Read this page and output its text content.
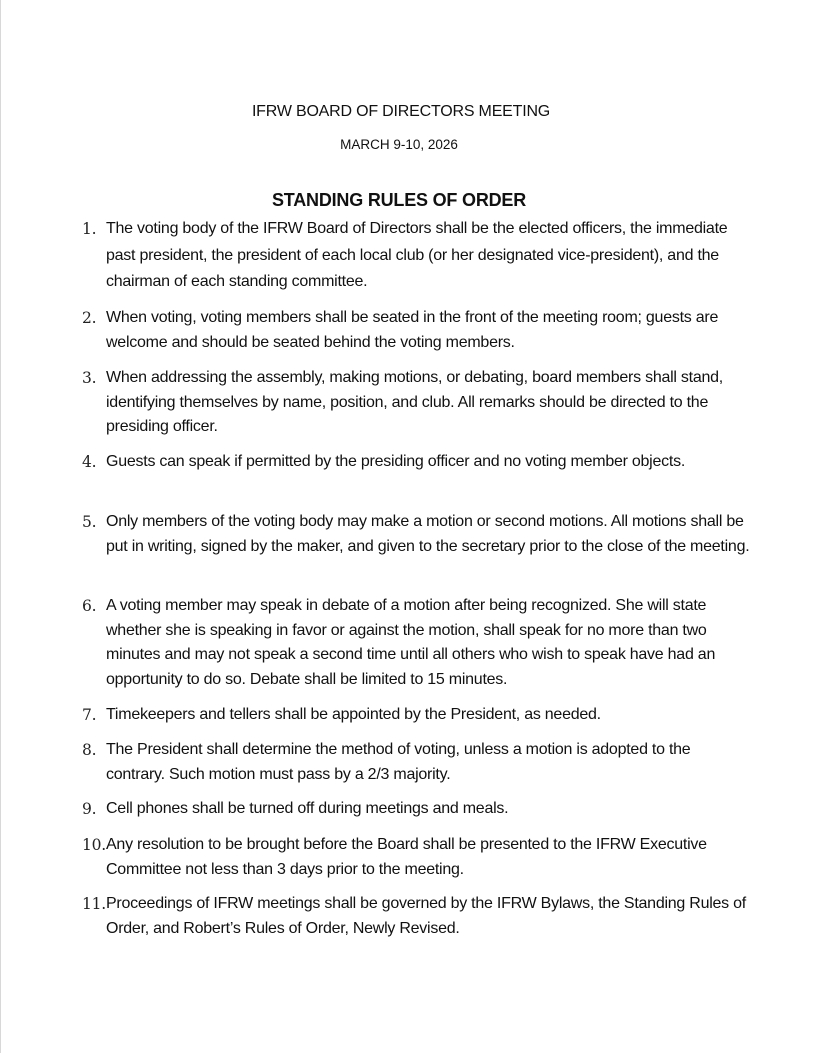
IFRW BOARD OF DIRECTORS MEETING
MARCH 9-10, 2026
STANDING RULES OF ORDER
1. The voting body of the IFRW Board of Directors shall be the elected officers, the immediate past president, the president of each local club (or her designated vice-president), and the chairman of each standing committee.
2. When voting, voting members shall be seated in the front of the meeting room; guests are welcome and should be seated behind the voting members.
3. When addressing the assembly, making motions, or debating, board members shall stand, identifying themselves by name, position, and club. All remarks should be directed to the presiding officer.
4. Guests can speak if permitted by the presiding officer and no voting member objects.
5. Only members of the voting body may make a motion or second motions. All motions shall be put in writing, signed by the maker, and given to the secretary prior to the close of the meeting.
6. A voting member may speak in debate of a motion after being recognized. She will state whether she is speaking in favor or against the motion, shall speak for no more than two minutes and may not speak a second time until all others who wish to speak have had an opportunity to do so. Debate shall be limited to 15 minutes.
7. Timekeepers and tellers shall be appointed by the President, as needed.
8. The President shall determine the method of voting, unless a motion is adopted to the contrary. Such motion must pass by a 2/3 majority.
9. Cell phones shall be turned off during meetings and meals.
10. Any resolution to be brought before the Board shall be presented to the IFRW Executive Committee not less than 3 days prior to the meeting.
11. Proceedings of IFRW meetings shall be governed by the IFRW Bylaws, the Standing Rules of Order, and Robert’s Rules of Order, Newly Revised.
